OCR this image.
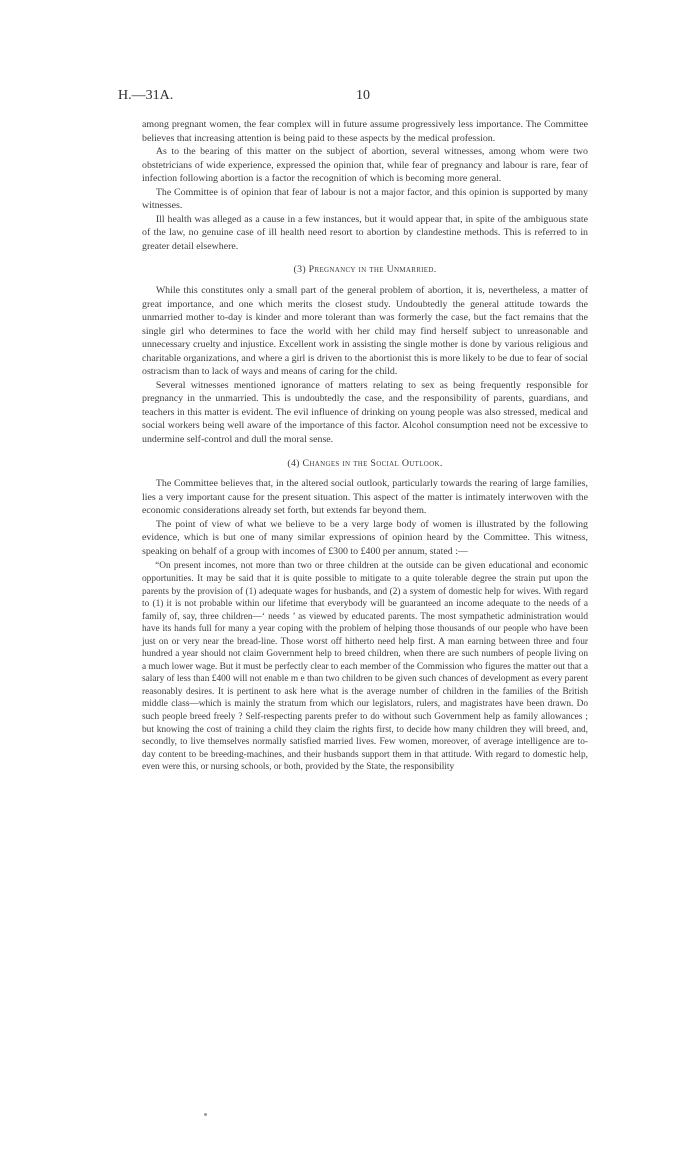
H.—31A.	10

among pregnant women, the fear complex will in future assume progressively less importance. The Committee believes that increasing attention is being paid to these aspects by the medical profession.

As to the bearing of this matter on the subject of abortion, several witnesses, among whom were two obstetricians of wide experience, expressed the opinion that, while fear of pregnancy and labour is rare, fear of infection following abortion is a factor the recognition of which is becoming more general.

The Committee is of opinion that fear of labour is not a major factor, and this opinion is supported by many witnesses.

Ill health was alleged as a cause in a few instances, but it would appear that, in spite of the ambiguous state of the law, no genuine case of ill health need resort to abortion by clandestine methods. This is referred to in greater detail elsewhere.

(3) Pregnancy in the Unmarried.

While this constitutes only a small part of the general problem of abortion, it is, nevertheless, a matter of great importance, and one which merits the closest study. Undoubtedly the general attitude towards the unmarried mother to-day is kinder and more tolerant than was formerly the case, but the fact remains that the single girl who determines to face the world with her child may find herself subject to unreasonable and unnecessary cruelty and injustice. Excellent work in assisting the single mother is done by various religious and charitable organizations, and where a girl is driven to the abortionist this is more likely to be due to fear of social ostracism than to lack of ways and means of caring for the child.

Several witnesses mentioned ignorance of matters relating to sex as being frequently responsible for pregnancy in the unmarried. This is undoubtedly the case, and the responsibility of parents, guardians, and teachers in this matter is evident. The evil influence of drinking on young people was also stressed, medical and social workers being well aware of the importance of this factor. Alcohol consumption need not be excessive to undermine self-control and dull the moral sense.

(4) Changes in the Social Outlook.

The Committee believes that, in the altered social outlook, particularly towards the rearing of large families, lies a very important cause for the present situation. This aspect of the matter is intimately interwoven with the economic considerations already set forth, but extends far beyond them.

The point of view of what we believe to be a very large body of women is illustrated by the following evidence, which is but one of many similar expressions of opinion heard by the Committee. This witness, speaking on behalf of a group with incomes of £300 to £400 per annum, stated :—

“On present incomes, not more than two or three children at the outside can be given educational and economic opportunities. It may be said that it is quite possible to mitigate to a quite tolerable degree the strain put upon the parents by the provision of (1) adequate wages for husbands, and (2) a system of domestic help for wives. With regard to (1) it is not probable within our lifetime that everybody will be guaranteed an income adequate to the needs of a family of, say, three children—‘ needs ’ as viewed by educated parents. The most sympathetic administration would have its hands full for many a year coping with the problem of helping those thousands of our people who have been just on or very near the bread-line. Those worst off hitherto need help first. A man earning between three and four hundred a year should not claim Government help to breed children, when there are such numbers of people living on a much lower wage. But it must be perfectly clear to each member of the Commission who figures the matter out that a salary of less than £400 will not enable m e than two children to be given such chances of development as every parent reasonably desires. It is pertinent to ask here what is the average number of children in the families of the British middle class—which is mainly the stratum from which our legislators, rulers, and magistrates have been drawn. Do such people breed freely ? Self-respecting parents prefer to do without such Government help as family allowances ; but knowing the cost of training a child they claim the rights first, to decide how many children they will breed, and, secondly, to live themselves normally satisfied married lives. Few women, moreover, of average intelligence are to-day content to be breeding-machines, and their husbands support them in that attitude. With regard to domestic help, even were this, or nursing schools, or both, provided by the State, the responsibility
